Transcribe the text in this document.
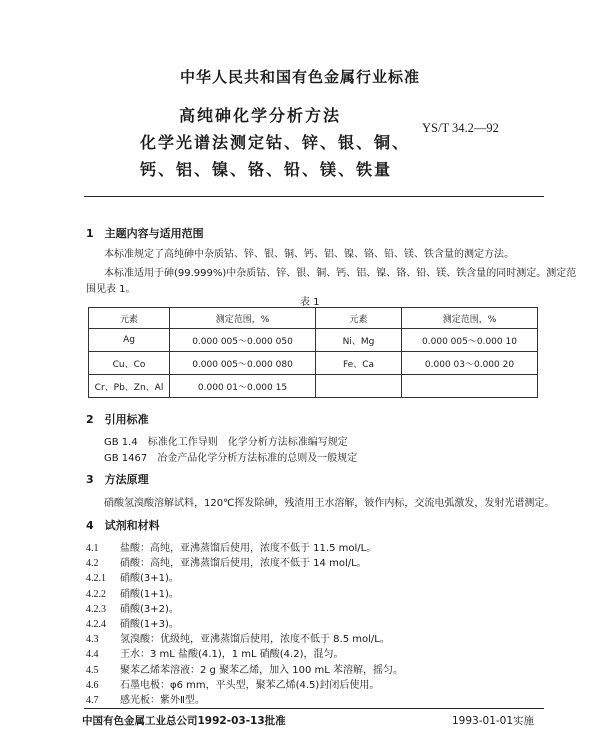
中华人民共和国有色金属行业标准
高纯砷化学分析方法
化学光谱法测定钴、锌、银、铜、
钙、铝、镍、铬、铅、镁、铁量
YS/T 34.2—92
1　主题内容与适用范围
本标准规定了高纯砷中杂质钴、锌、银、铜、钙、铝、镍、铬、铅、镁、铁含量的测定方法。
本标准适用于砷(99.999%)中杂质钴、锌、银、铜、钙、铝、镍、铬、铅、镁、铁含量的同时测定。测定范
围见表 1。
表 1
元素	测定范围，%	元素	测定范围，%
Ag	0.000 005～0.000 050	Ni、Mg	0.000 005～0.000 10
Cu、Co	0.000 005～0.000 080	Fe、Ca	0.000 03～0.000 20
Cr、Pb、Zn、Al	0.000 01～0.000 15		
2　引用标准
GB 1.4　标准化工作导则　化学分析方法标准编写规定
GB 1467　冶金产品化学分析方法标准的总则及一般规定
3　方法原理
硝酸氢溴酸溶解试料，120℃挥发除砷，残渣用王水溶解，铍作内标，交流电弧激发，发射光谱测定。
4　试剂和材料
4.1 盐酸：高纯，亚沸蒸馏后使用，浓度不低于 11.5 mol/L。
4.2 硝酸：高纯，亚沸蒸馏后使用，浓度不低于 14 mol/L。
4.2.1 硝酸(3+1)。
4.2.2 硝酸(1+1)。
4.2.3 硝酸(3+2)。
4.2.4 硝酸(1+3)。
4.3 氢溴酸：优级纯，亚沸蒸馏后使用，浓度不低于 8.5 mol/L。
4.4 王水：3 mL 盐酸(4.1)，1 mL 硝酸(4.2)，混匀。
4.5 聚苯乙烯苯溶液：2 g 聚苯乙烯，加入 100 mL 苯溶解，摇匀。
4.6 石墨电极：φ6 mm，平头型，聚苯乙烯(4.5)封闭后使用。
中国有色金属工业总公司1992-03-13批准	1993-01-01实施
4.7 感光板：紫外Ⅱ型。
